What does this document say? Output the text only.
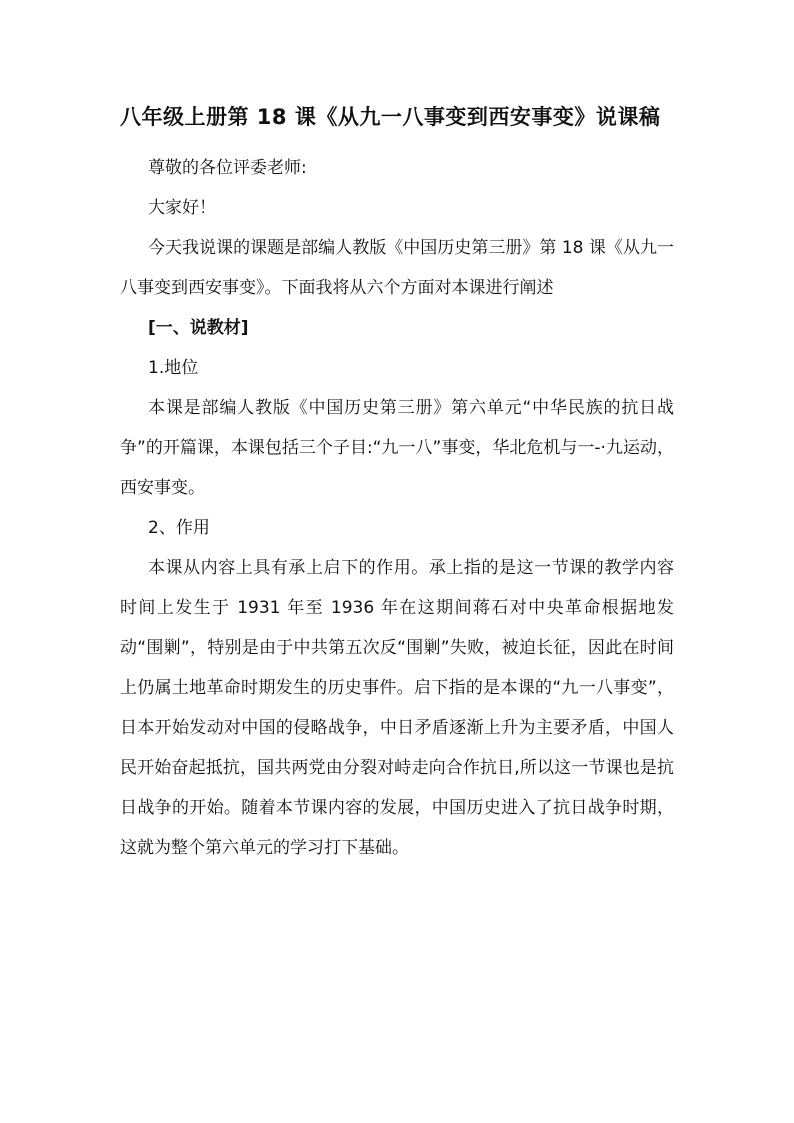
八年级上册第 18 课《从九一八事变到西安事变》说课稿

尊敬的各位评委老师:

大家好！

今天我说课的课题是部编人教版《中国历史第三册》第 18 课《从九一八事变到西安事变》。下面我将从六个方面对本课进行阐述

[一、说教材]

1.地位

本课是部编人教版《中国历史第三册》第六单元“中华民族的抗日战争”的开篇课，本课包括三个子目:“九一八”事变，华北危机与一-·九运动，西安事变。

2、作用

本课从内容上具有承上启下的作用。承上指的是这一节课的教学内容时间上发生于 1931 年至 1936 年在这期间蒋石对中央革命根据地发动“围剿”，特别是由于中共第五次反“围剿”失败，被迫长征，因此在时间上仍属土地革命时期发生的历史事件。启下指的是本课的“九一八事变”，日本开始发动对中国的侵略战争，中日矛盾逐渐上升为主要矛盾，中国人民开始奋起抵抗，国共两党由分裂对峙走向合作抗日,所以这一节课也是抗日战争的开始。随着本节课内容的发展，中国历史进入了抗日战争时期，这就为整个第六单元的学习打下基础。
